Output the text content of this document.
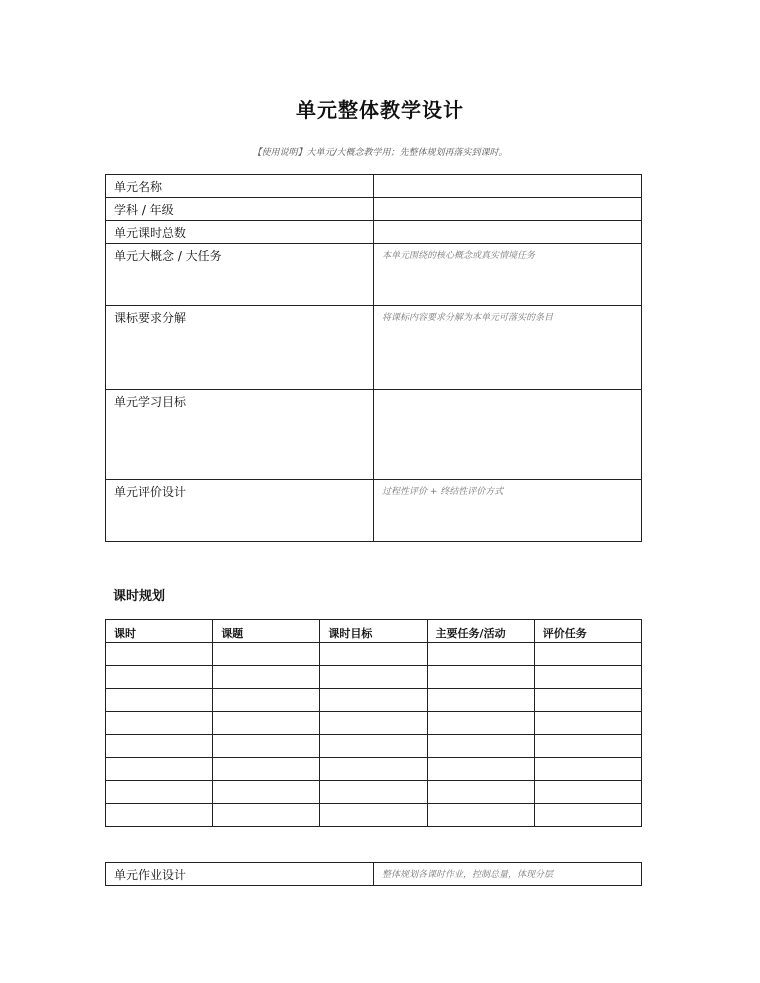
单元整体教学设计
【使用说明】大单元/大概念教学用；先整体规划再落实到课时。
单元名称	
学科 / 年级	
单元课时总数	
单元大概念 / 大任务	本单元围绕的核心概念或真实情境任务
课标要求分解	将课标内容要求分解为本单元可落实的条目
单元学习目标	
单元评价设计	过程性评价 + 终结性评价方式
课时规划
课时	课题	课时目标	主要任务/活动	评价任务

单元作业设计	整体规划各课时作业，控制总量，体现分层
